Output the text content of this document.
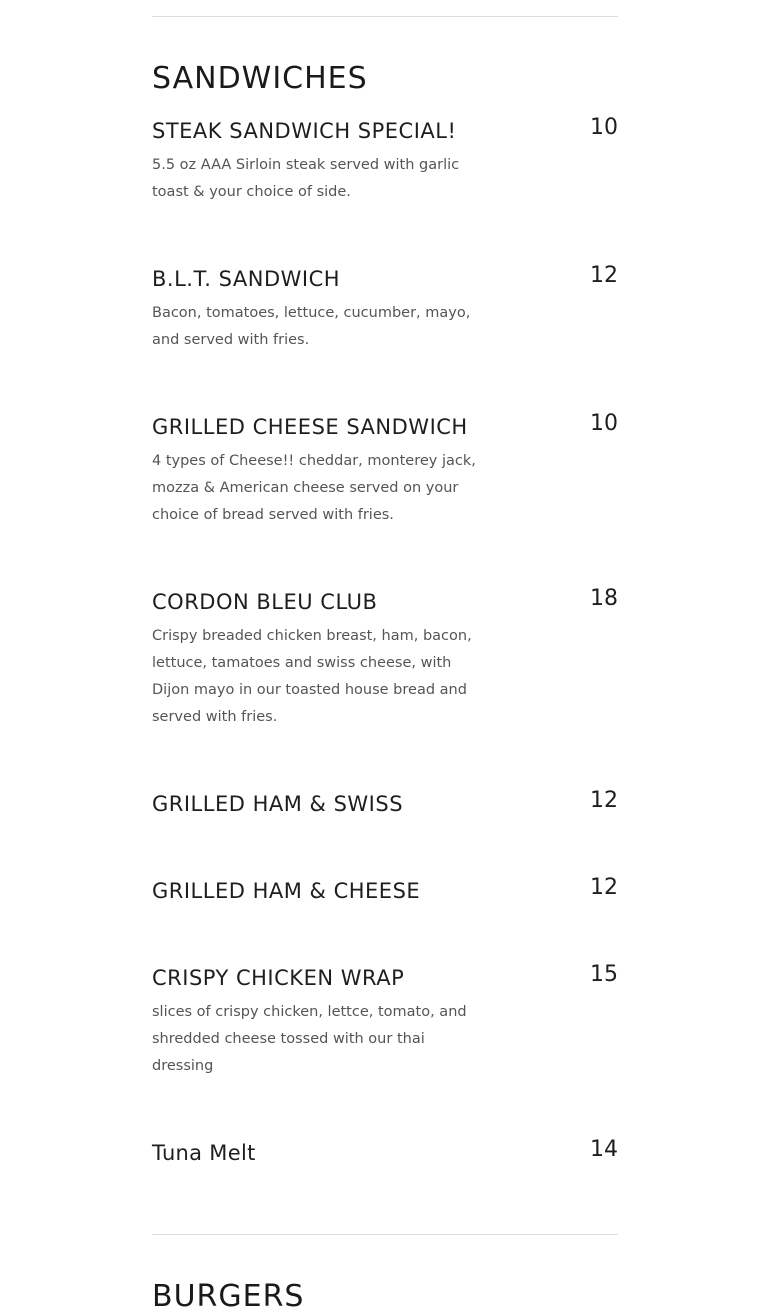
SANDWICHES
STEAK SANDWICH SPECIAL!	10
5.5 oz AAA Sirloin steak served with garlic toast & your choice of side.
B.L.T. SANDWICH	12
Bacon, tomatoes, lettuce, cucumber, mayo, and served with fries.
GRILLED CHEESE SANDWICH	10
4 types of Cheese!! cheddar, monterey jack, mozza & American cheese served on your choice of bread served with fries.
CORDON BLEU CLUB	18
Crispy breaded chicken breast, ham, bacon, lettuce, tamatoes and swiss cheese, with Dijon mayo in our toasted house bread and served with fries.
GRILLED HAM & SWISS	12
GRILLED HAM & CHEESE	12
CRISPY CHICKEN WRAP	15
slices of crispy chicken, lettce, tomato, and shredded cheese tossed with our thai dressing
Tuna Melt	14
BURGERS
